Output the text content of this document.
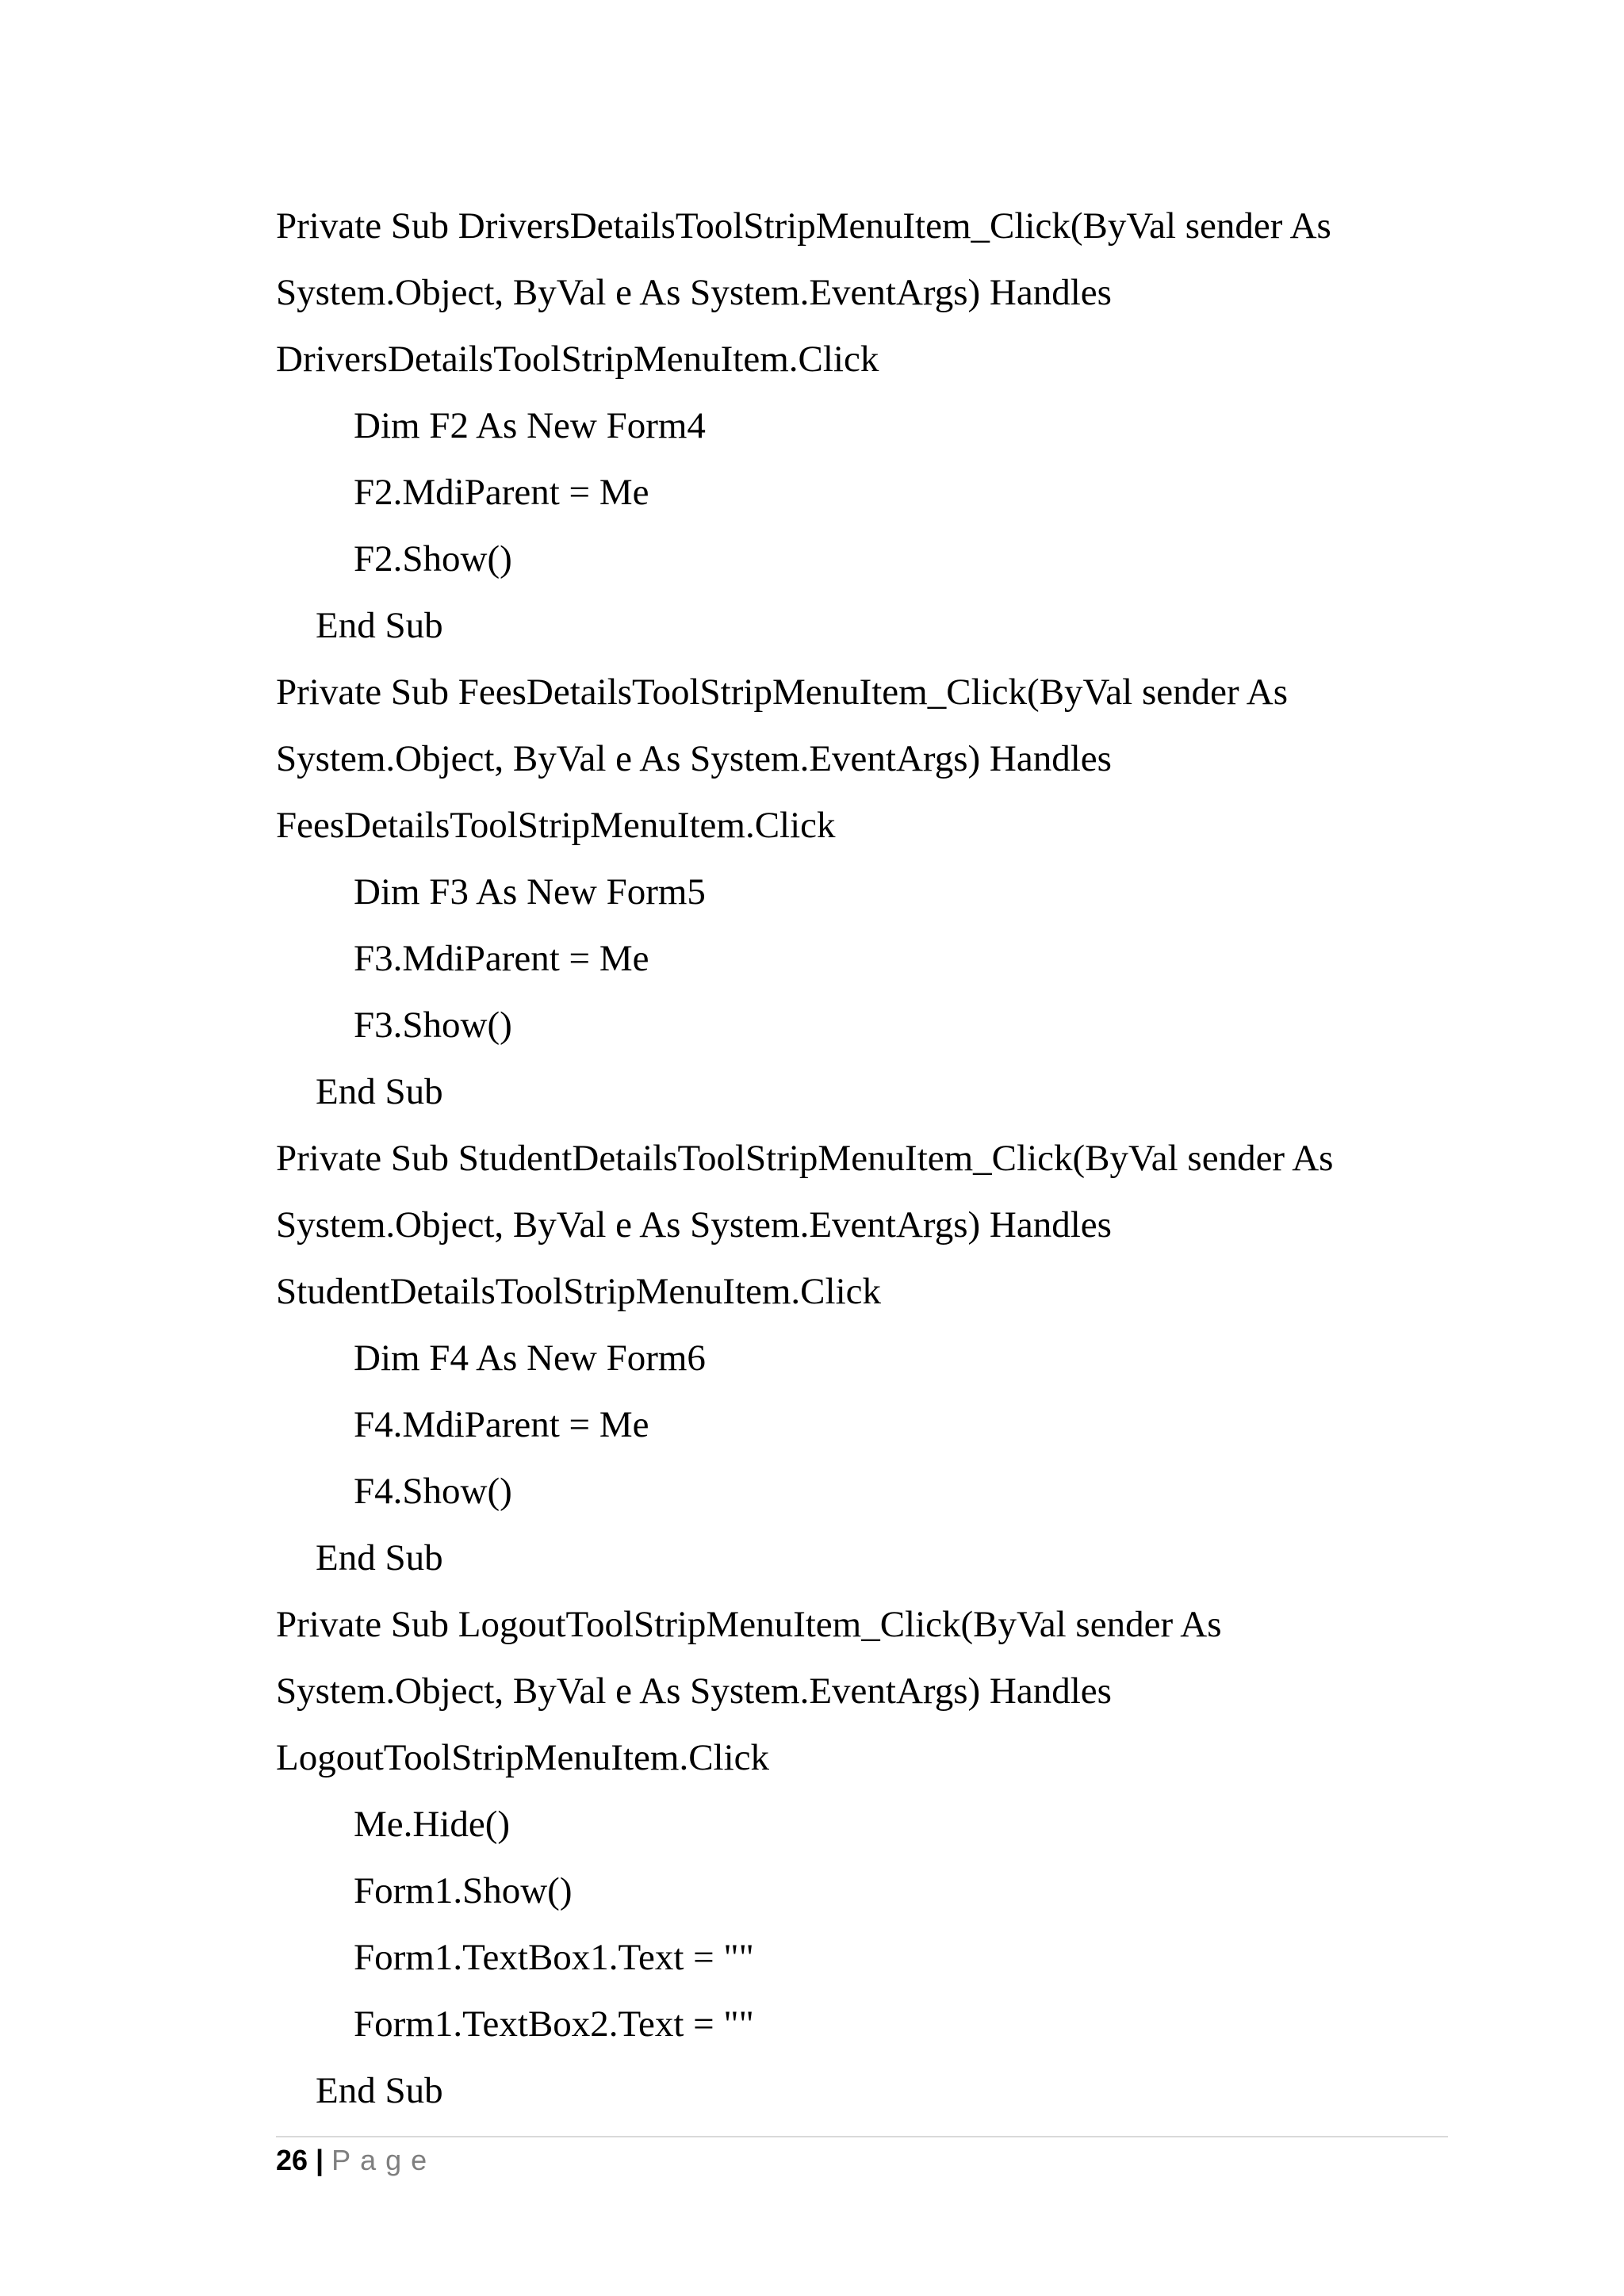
Private Sub DriversDetailsToolStripMenuItem_Click(ByVal sender As
System.Object, ByVal e As System.EventArgs) Handles
DriversDetailsToolStripMenuItem.Click
Dim F2 As New Form4
F2.MdiParent = Me
F2.Show()
End Sub
Private Sub FeesDetailsToolStripMenuItem_Click(ByVal sender As
System.Object, ByVal e As System.EventArgs) Handles
FeesDetailsToolStripMenuItem.Click
Dim F3 As New Form5
F3.MdiParent = Me
F3.Show()
End Sub
Private Sub StudentDetailsToolStripMenuItem_Click(ByVal sender As
System.Object, ByVal e As System.EventArgs) Handles
StudentDetailsToolStripMenuItem.Click
Dim F4 As New Form6
F4.MdiParent = Me
F4.Show()
End Sub
Private Sub LogoutToolStripMenuItem_Click(ByVal sender As
System.Object, ByVal e As System.EventArgs) Handles
LogoutToolStripMenuItem.Click
Me.Hide()
Form1.Show()
Form1.TextBox1.Text = ""
Form1.TextBox2.Text = ""
End Sub
26 | Page
